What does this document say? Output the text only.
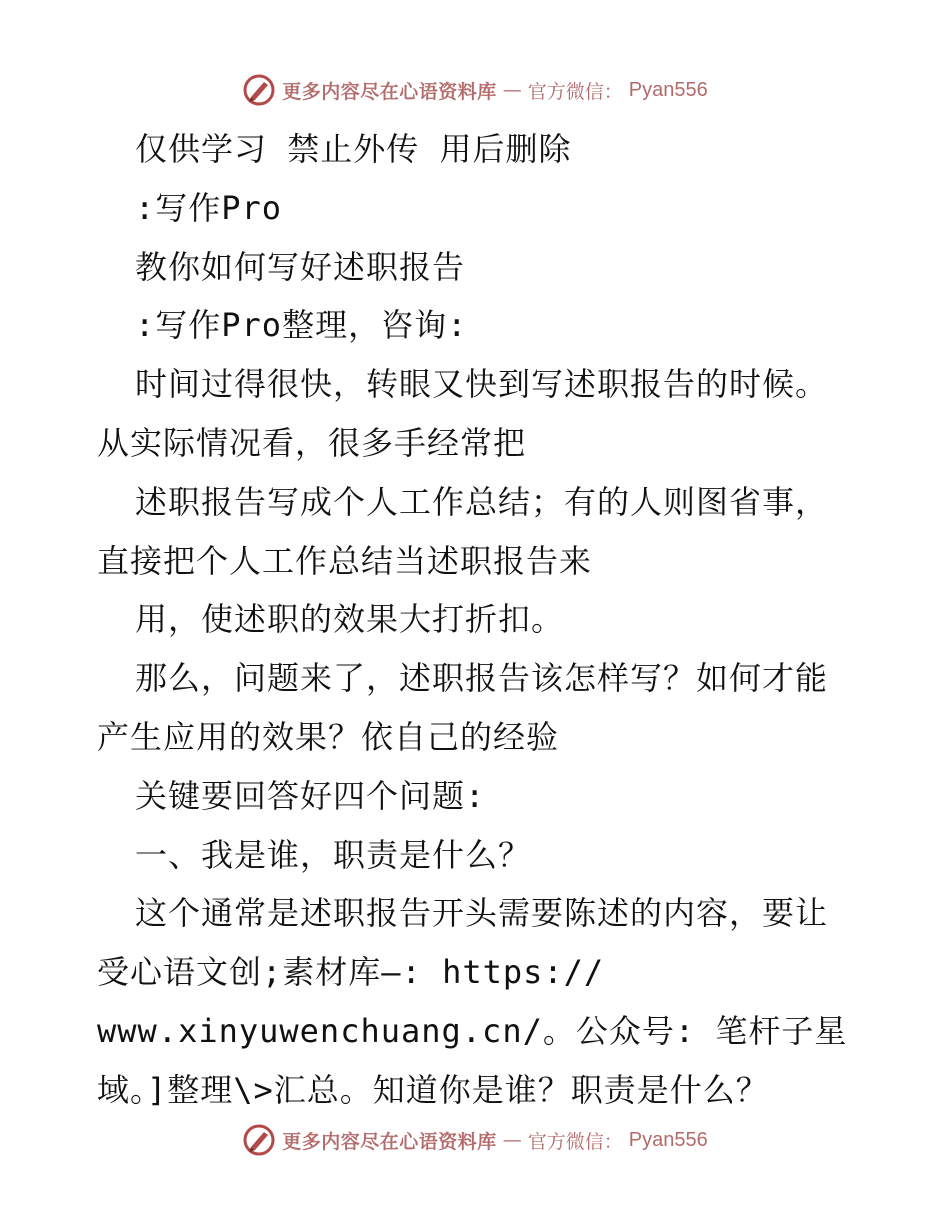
更多内容尽在心语资料库 — 官方微信： Pyan556
仅供学习 禁止外传 用后删除
:写作Pro
教你如何写好述职报告
:写作Pro整理，咨询:
时间过得很快，转眼又快到写述职报告的时候。
从实际情况看，很多手经常把
述职报告写成个人工作总结；有的人则图省事，
直接把个人工作总结当述职报告来
用，使述职的效果大打折扣。
那么，问题来了，述职报告该怎样写？如何才能
产生应用的效果？依自己的经验
关键要回答好四个问题:
一、我是谁，职责是什么？
这个通常是述职报告开头需要陈述的内容，要让
受心语文创;素材库—: https://
www.xinyuwenchuang.cn/。公众号: 笔杆子星
域。]整理\>汇总。知道你是谁？职责是什么？
更多内容尽在心语资料库 — 官方微信： Pyan556
